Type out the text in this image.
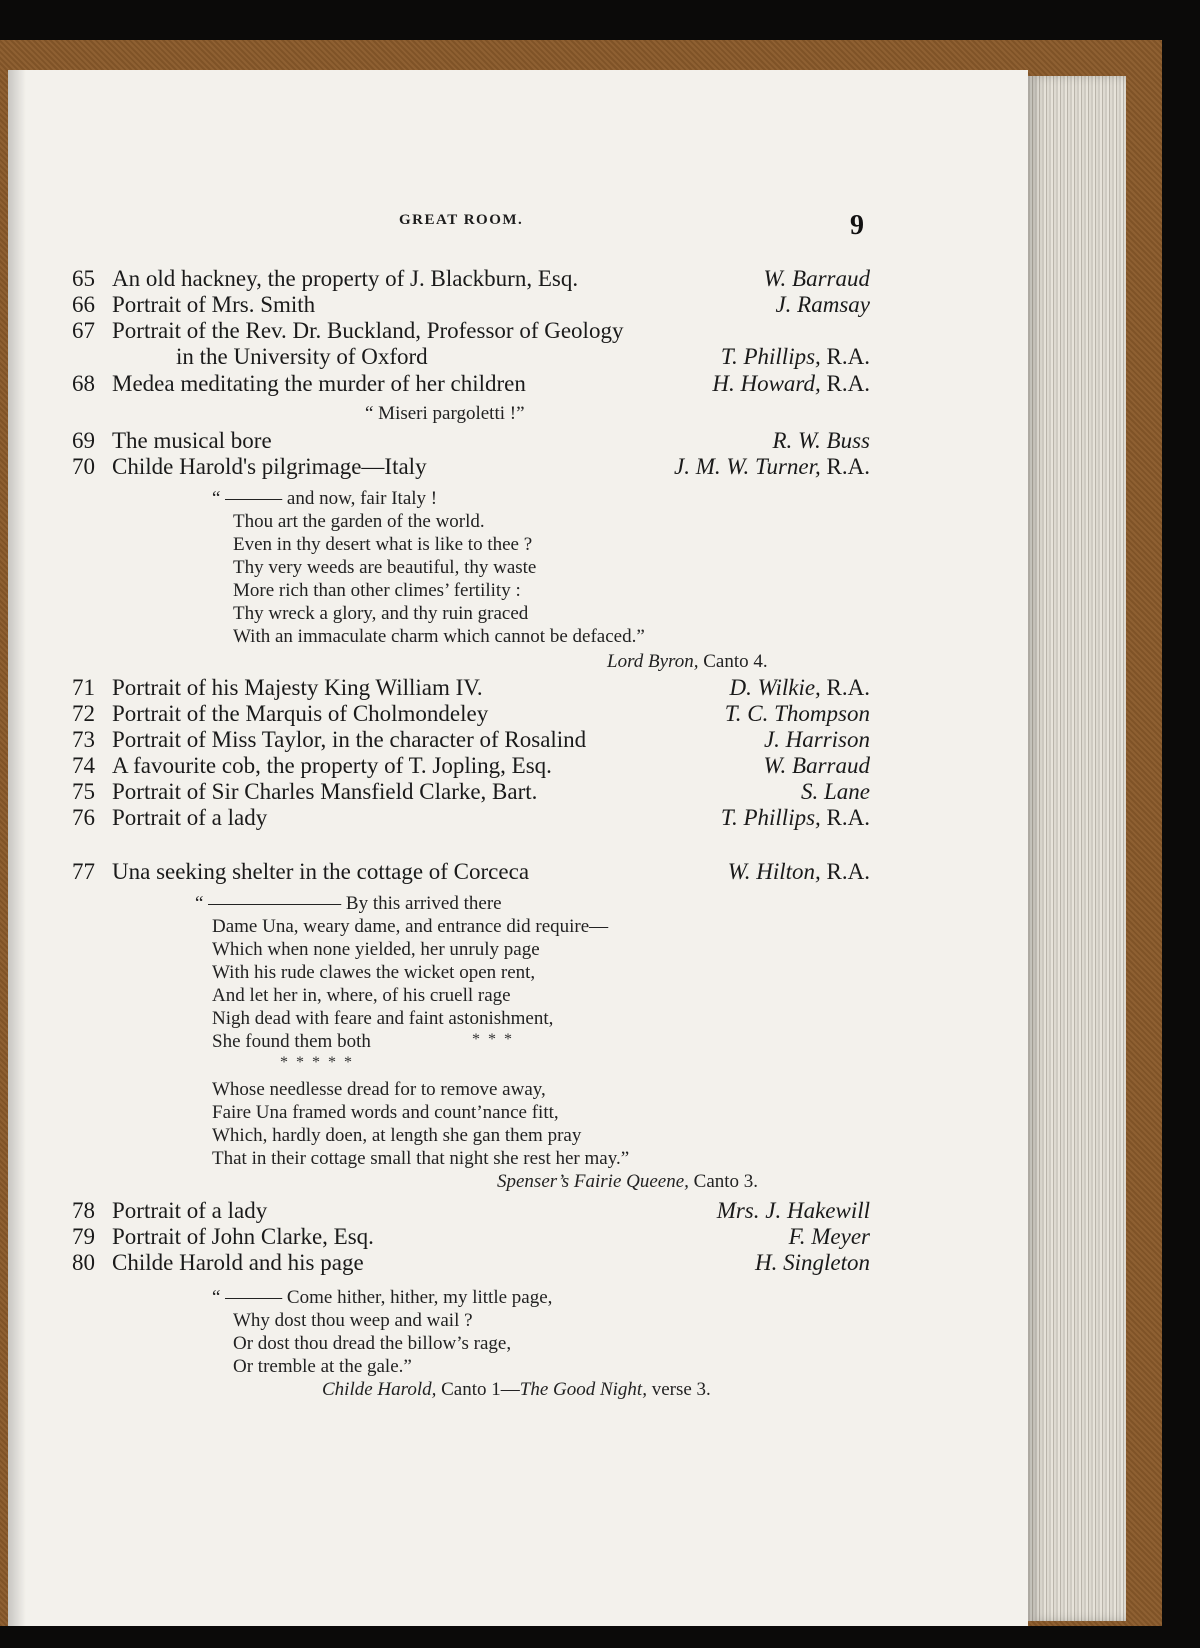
GREAT ROOM.	9
65 An old hackney, the property of J. Blackburn, Esq.	W. Barraud
66 Portrait of Mrs. Smith	J. Ramsay
67 Portrait of the Rev. Dr. Buckland, Professor of Geology
in the University of Oxford	T. Phillips, R.A.
68 Medea meditating the murder of her children	H. Howard, R.A.
“ Miseri pargoletti !”
69 The musical bore	R. W. Buss
70 Childe Harold's pilgrimage—Italy	J. M. W. Turner, R.A.
“ ——— and now, fair Italy !
Thou art the garden of the world.
Even in thy desert what is like to thee ?
Thy very weeds are beautiful, thy waste
More rich than other climes’ fertility :
Thy wreck a glory, and thy ruin graced
With an immaculate charm which cannot be defaced.”
Lord Byron, Canto 4.
71 Portrait of his Majesty King William IV.	D. Wilkie, R.A.
72 Portrait of the Marquis of Cholmondeley	T. C. Thompson
73 Portrait of Miss Taylor, in the character of Rosalind	J. Harrison
74 A favourite cob, the property of T. Jopling, Esq.	W. Barraud
75 Portrait of Sir Charles Mansfield Clarke, Bart.	S. Lane
76 Portrait of a lady	T. Phillips, R.A.
77 Una seeking shelter in the cottage of Corceca	W. Hilton, R.A.
“ ——————— By this arrived there
Dame Una, weary dame, and entrance did require—
Which when none yielded, her unruly page
With his rude clawes the wicket open rent,
And let her in, where, of his cruell rage
Nigh dead with feare and faint astonishment,
She found them both	* * *
* * * * *
Whose needlesse dread for to remove away,
Faire Una framed words and count’nance fitt,
Which, hardly doen, at length she gan them pray
That in their cottage small that night she rest her may.”
Spenser’s Fairie Queene, Canto 3.
78 Portrait of a lady	Mrs. J. Hakewill
79 Portrait of John Clarke, Esq.	F. Meyer
80 Childe Harold and his page	H. Singleton
“ ——— Come hither, hither, my little page,
Why dost thou weep and wail ?
Or dost thou dread the billow’s rage,
Or tremble at the gale.”
Childe Harold, Canto 1—The Good Night, verse 3.
